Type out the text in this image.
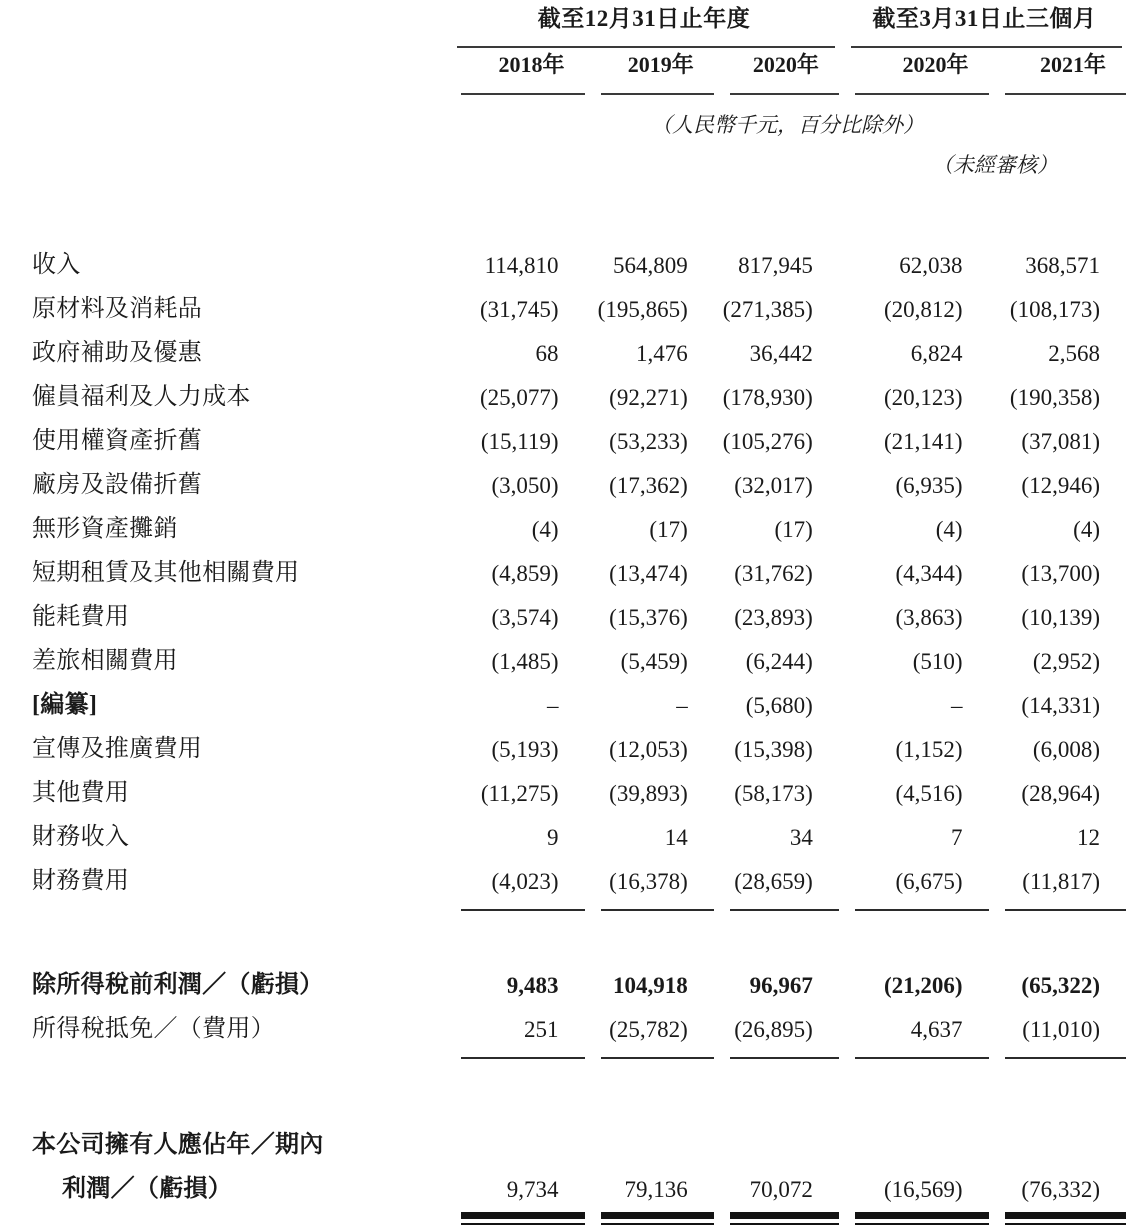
	截至12月31日止年度			截至3月31日止三個月	

	2018年	2019年	2020年	2020年	2021年

	（人民幣千元，百分比除外）				
	（未經審核）				

收入	114,810	564,809	817,945	62,038	368,571
原材料及消耗品	(31,745)	(195,865)	(271,385)	(20,812)	(108,173)
政府補助及優惠	68	1,476	36,442	6,824	2,568
僱員福利及人力成本	(25,077)	(92,271)	(178,930)	(20,123)	(190,358)
使用權資產折舊	(15,119)	(53,233)	(105,276)	(21,141)	(37,081)
廠房及設備折舊	(3,050)	(17,362)	(32,017)	(6,935)	(12,946)
無形資產攤銷	(4)	(17)	(17)	(4)	(4)
短期租賃及其他相關費用	(4,859)	(13,474)	(31,762)	(4,344)	(13,700)
能耗費用	(3,574)	(15,376)	(23,893)	(3,863)	(10,139)
差旅相關費用	(1,485)	(5,459)	(6,244)	(510)	(2,952)
[編纂]	–	–	(5,680)	–	(14,331)
宣傳及推廣費用	(5,193)	(12,053)	(15,398)	(1,152)	(6,008)
其他費用	(11,275)	(39,893)	(58,173)	(4,516)	(28,964)
財務收入	9	14	34	7	12
財務費用	(4,023)	(16,378)	(28,659)	(6,675)	(11,817)

除所得稅前利潤／（虧損）	9,483	104,918	96,967	(21,206)	(65,322)
所得稅抵免／（費用）	251	(25,782)	(26,895)	4,637	(11,010)

本公司擁有人應佔年／期內					
利潤／（虧損）	9,734	79,136	70,072	(16,569)	(76,332)
